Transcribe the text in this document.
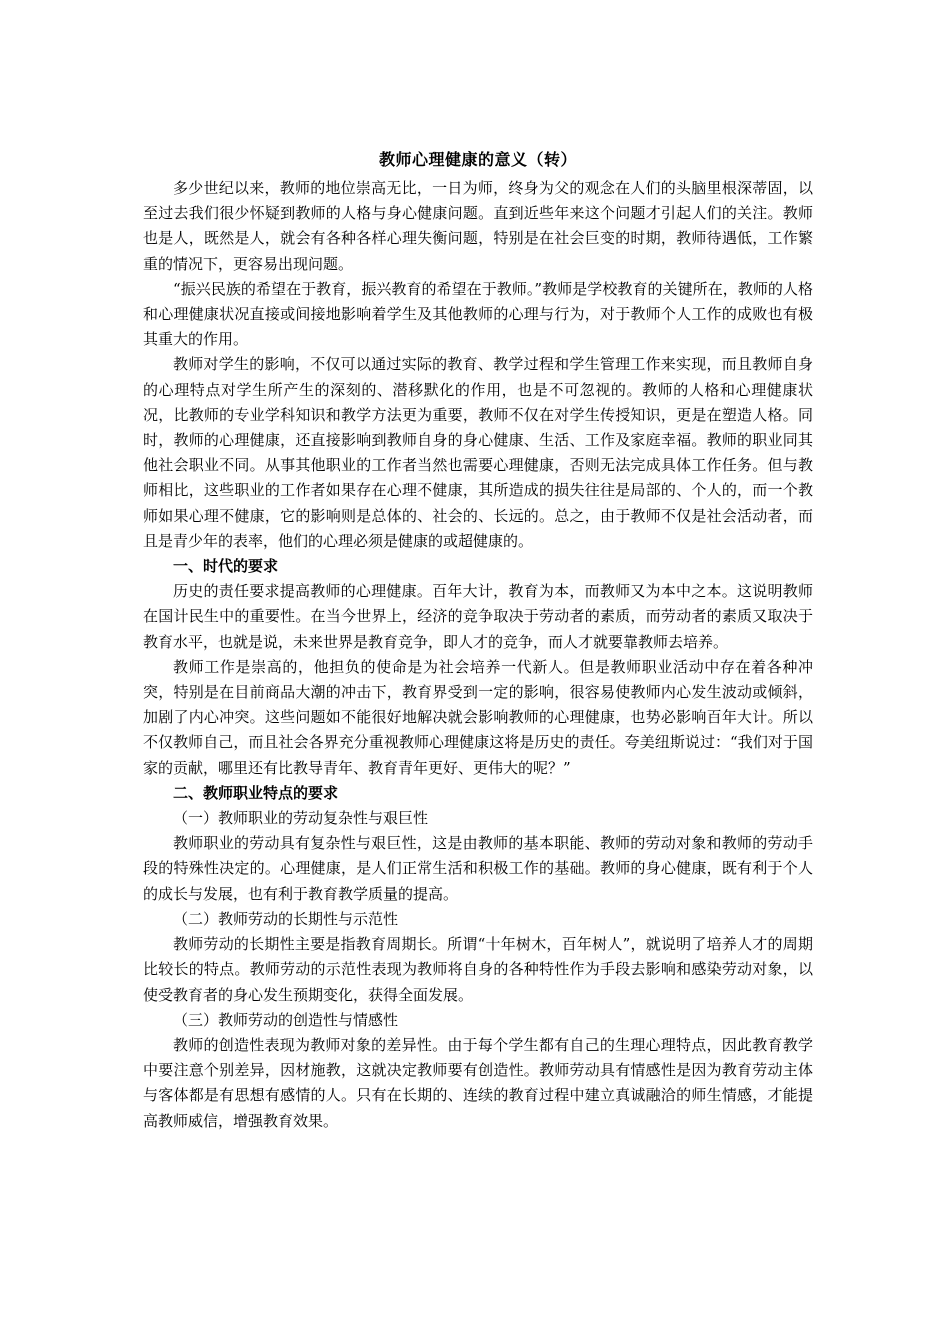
教师心理健康的意义（转）

多少世纪以来，教师的地位崇高无比，一日为师，终身为父的观念在人们的头脑里根深蒂固，以至过去我们很少怀疑到教师的人格与身心健康问题。直到近些年来这个问题才引起人们的关注。教师也是人，既然是人，就会有各种各样心理失衡问题，特别是在社会巨变的时期，教师待遇低，工作繁重的情况下，更容易出现问题。

“振兴民族的希望在于教育，振兴教育的希望在于教师。”教师是学校教育的关键所在，教师的人格和心理健康状况直接或间接地影响着学生及其他教师的心理与行为，对于教师个人工作的成败也有极其重大的作用。

教师对学生的影响，不仅可以通过实际的教育、教学过程和学生管理工作来实现，而且教师自身的心理特点对学生所产生的深刻的、潜移默化的作用，也是不可忽视的。教师的人格和心理健康状况，比教师的专业学科知识和教学方法更为重要，教师不仅在对学生传授知识，更是在塑造人格。同时，教师的心理健康，还直接影响到教师自身的身心健康、生活、工作及家庭幸福。教师的职业同其他社会职业不同。从事其他职业的工作者当然也需要心理健康，否则无法完成具体工作任务。但与教师相比，这些职业的工作者如果存在心理不健康，其所造成的损失往往是局部的、个人的，而一个教师如果心理不健康，它的影响则是总体的、社会的、长远的。总之，由于教师不仅是社会活动者，而且是青少年的表率，他们的心理必须是健康的或超健康的。

一、时代的要求

历史的责任要求提高教师的心理健康。百年大计，教育为本，而教师又为本中之本。这说明教师在国计民生中的重要性。在当今世界上，经济的竞争取决于劳动者的素质，而劳动者的素质又取决于教育水平，也就是说，未来世界是教育竞争，即人才的竞争，而人才就要靠教师去培养。

教师工作是崇高的，他担负的使命是为社会培养一代新人。但是教师职业活动中存在着各种冲突，特别是在目前商品大潮的冲击下，教育界受到一定的影响，很容易使教师内心发生波动或倾斜，加剧了内心冲突。这些问题如不能很好地解决就会影响教师的心理健康，也势必影响百年大计。所以不仅教师自己，而且社会各界充分重视教师心理健康这将是历史的责任。夸美纽斯说过：“我们对于国家的贡献，哪里还有比教导青年、教育青年更好、更伟大的呢？”

二、教师职业特点的要求

（一）教师职业的劳动复杂性与艰巨性

教师职业的劳动具有复杂性与艰巨性，这是由教师的基本职能、教师的劳动对象和教师的劳动手段的特殊性决定的。心理健康，是人们正常生活和积极工作的基础。教师的身心健康，既有利于个人的成长与发展，也有利于教育教学质量的提高。

（二）教师劳动的长期性与示范性

教师劳动的长期性主要是指教育周期长。所谓“十年树木，百年树人”，就说明了培养人才的周期比较长的特点。教师劳动的示范性表现为教师将自身的各种特性作为手段去影响和感染劳动对象，以使受教育者的身心发生预期变化，获得全面发展。

（三）教师劳动的创造性与情感性

教师的创造性表现为教师对象的差异性。由于每个学生都有自己的生理心理特点，因此教育教学中要注意个别差异，因材施教，这就决定教师要有创造性。教师劳动具有情感性是因为教育劳动主体与客体都是有思想有感情的人。只有在长期的、连续的教育过程中建立真诚融洽的师生情感，才能提高教师威信，增强教育效果。
